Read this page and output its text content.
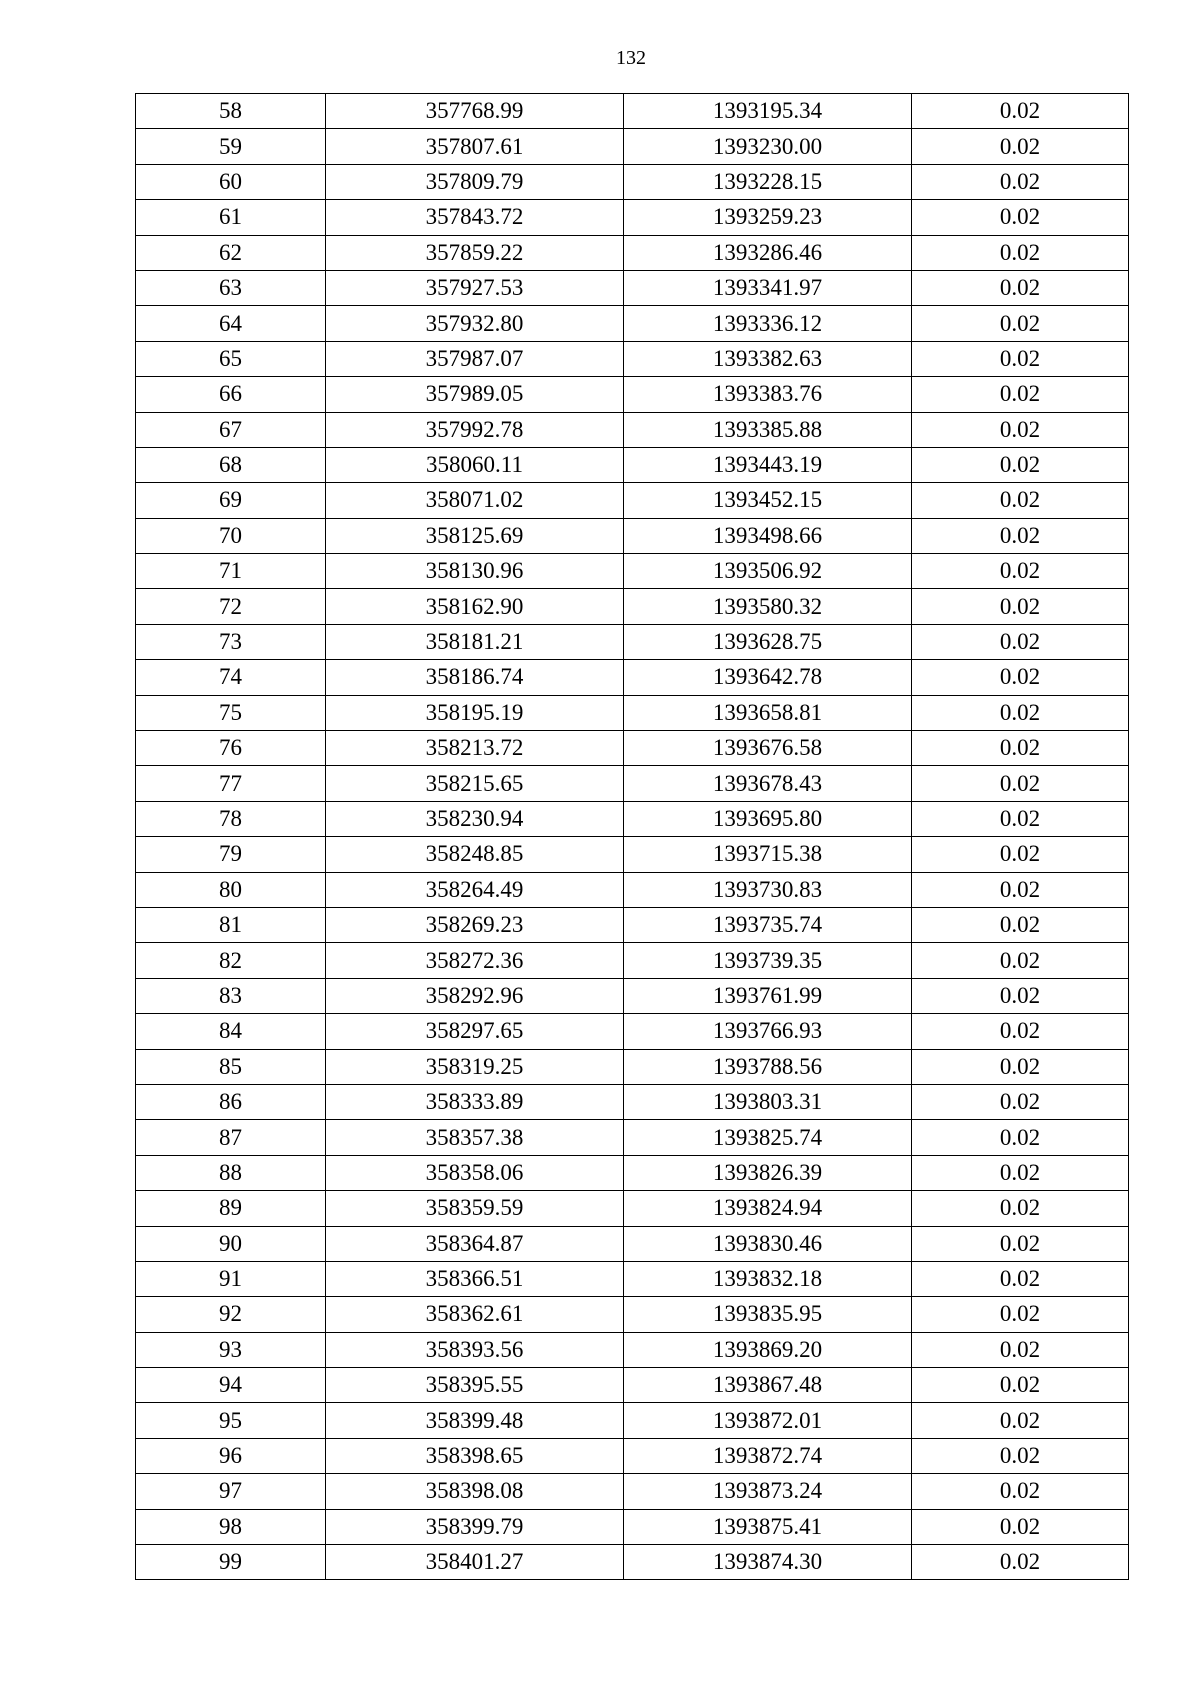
132
58	357768.99	1393195.34	0.02
59	357807.61	1393230.00	0.02
60	357809.79	1393228.15	0.02
61	357843.72	1393259.23	0.02
62	357859.22	1393286.46	0.02
63	357927.53	1393341.97	0.02
64	357932.80	1393336.12	0.02
65	357987.07	1393382.63	0.02
66	357989.05	1393383.76	0.02
67	357992.78	1393385.88	0.02
68	358060.11	1393443.19	0.02
69	358071.02	1393452.15	0.02
70	358125.69	1393498.66	0.02
71	358130.96	1393506.92	0.02
72	358162.90	1393580.32	0.02
73	358181.21	1393628.75	0.02
74	358186.74	1393642.78	0.02
75	358195.19	1393658.81	0.02
76	358213.72	1393676.58	0.02
77	358215.65	1393678.43	0.02
78	358230.94	1393695.80	0.02
79	358248.85	1393715.38	0.02
80	358264.49	1393730.83	0.02
81	358269.23	1393735.74	0.02
82	358272.36	1393739.35	0.02
83	358292.96	1393761.99	0.02
84	358297.65	1393766.93	0.02
85	358319.25	1393788.56	0.02
86	358333.89	1393803.31	0.02
87	358357.38	1393825.74	0.02
88	358358.06	1393826.39	0.02
89	358359.59	1393824.94	0.02
90	358364.87	1393830.46	0.02
91	358366.51	1393832.18	0.02
92	358362.61	1393835.95	0.02
93	358393.56	1393869.20	0.02
94	358395.55	1393867.48	0.02
95	358399.48	1393872.01	0.02
96	358398.65	1393872.74	0.02
97	358398.08	1393873.24	0.02
98	358399.79	1393875.41	0.02
99	358401.27	1393874.30	0.02
